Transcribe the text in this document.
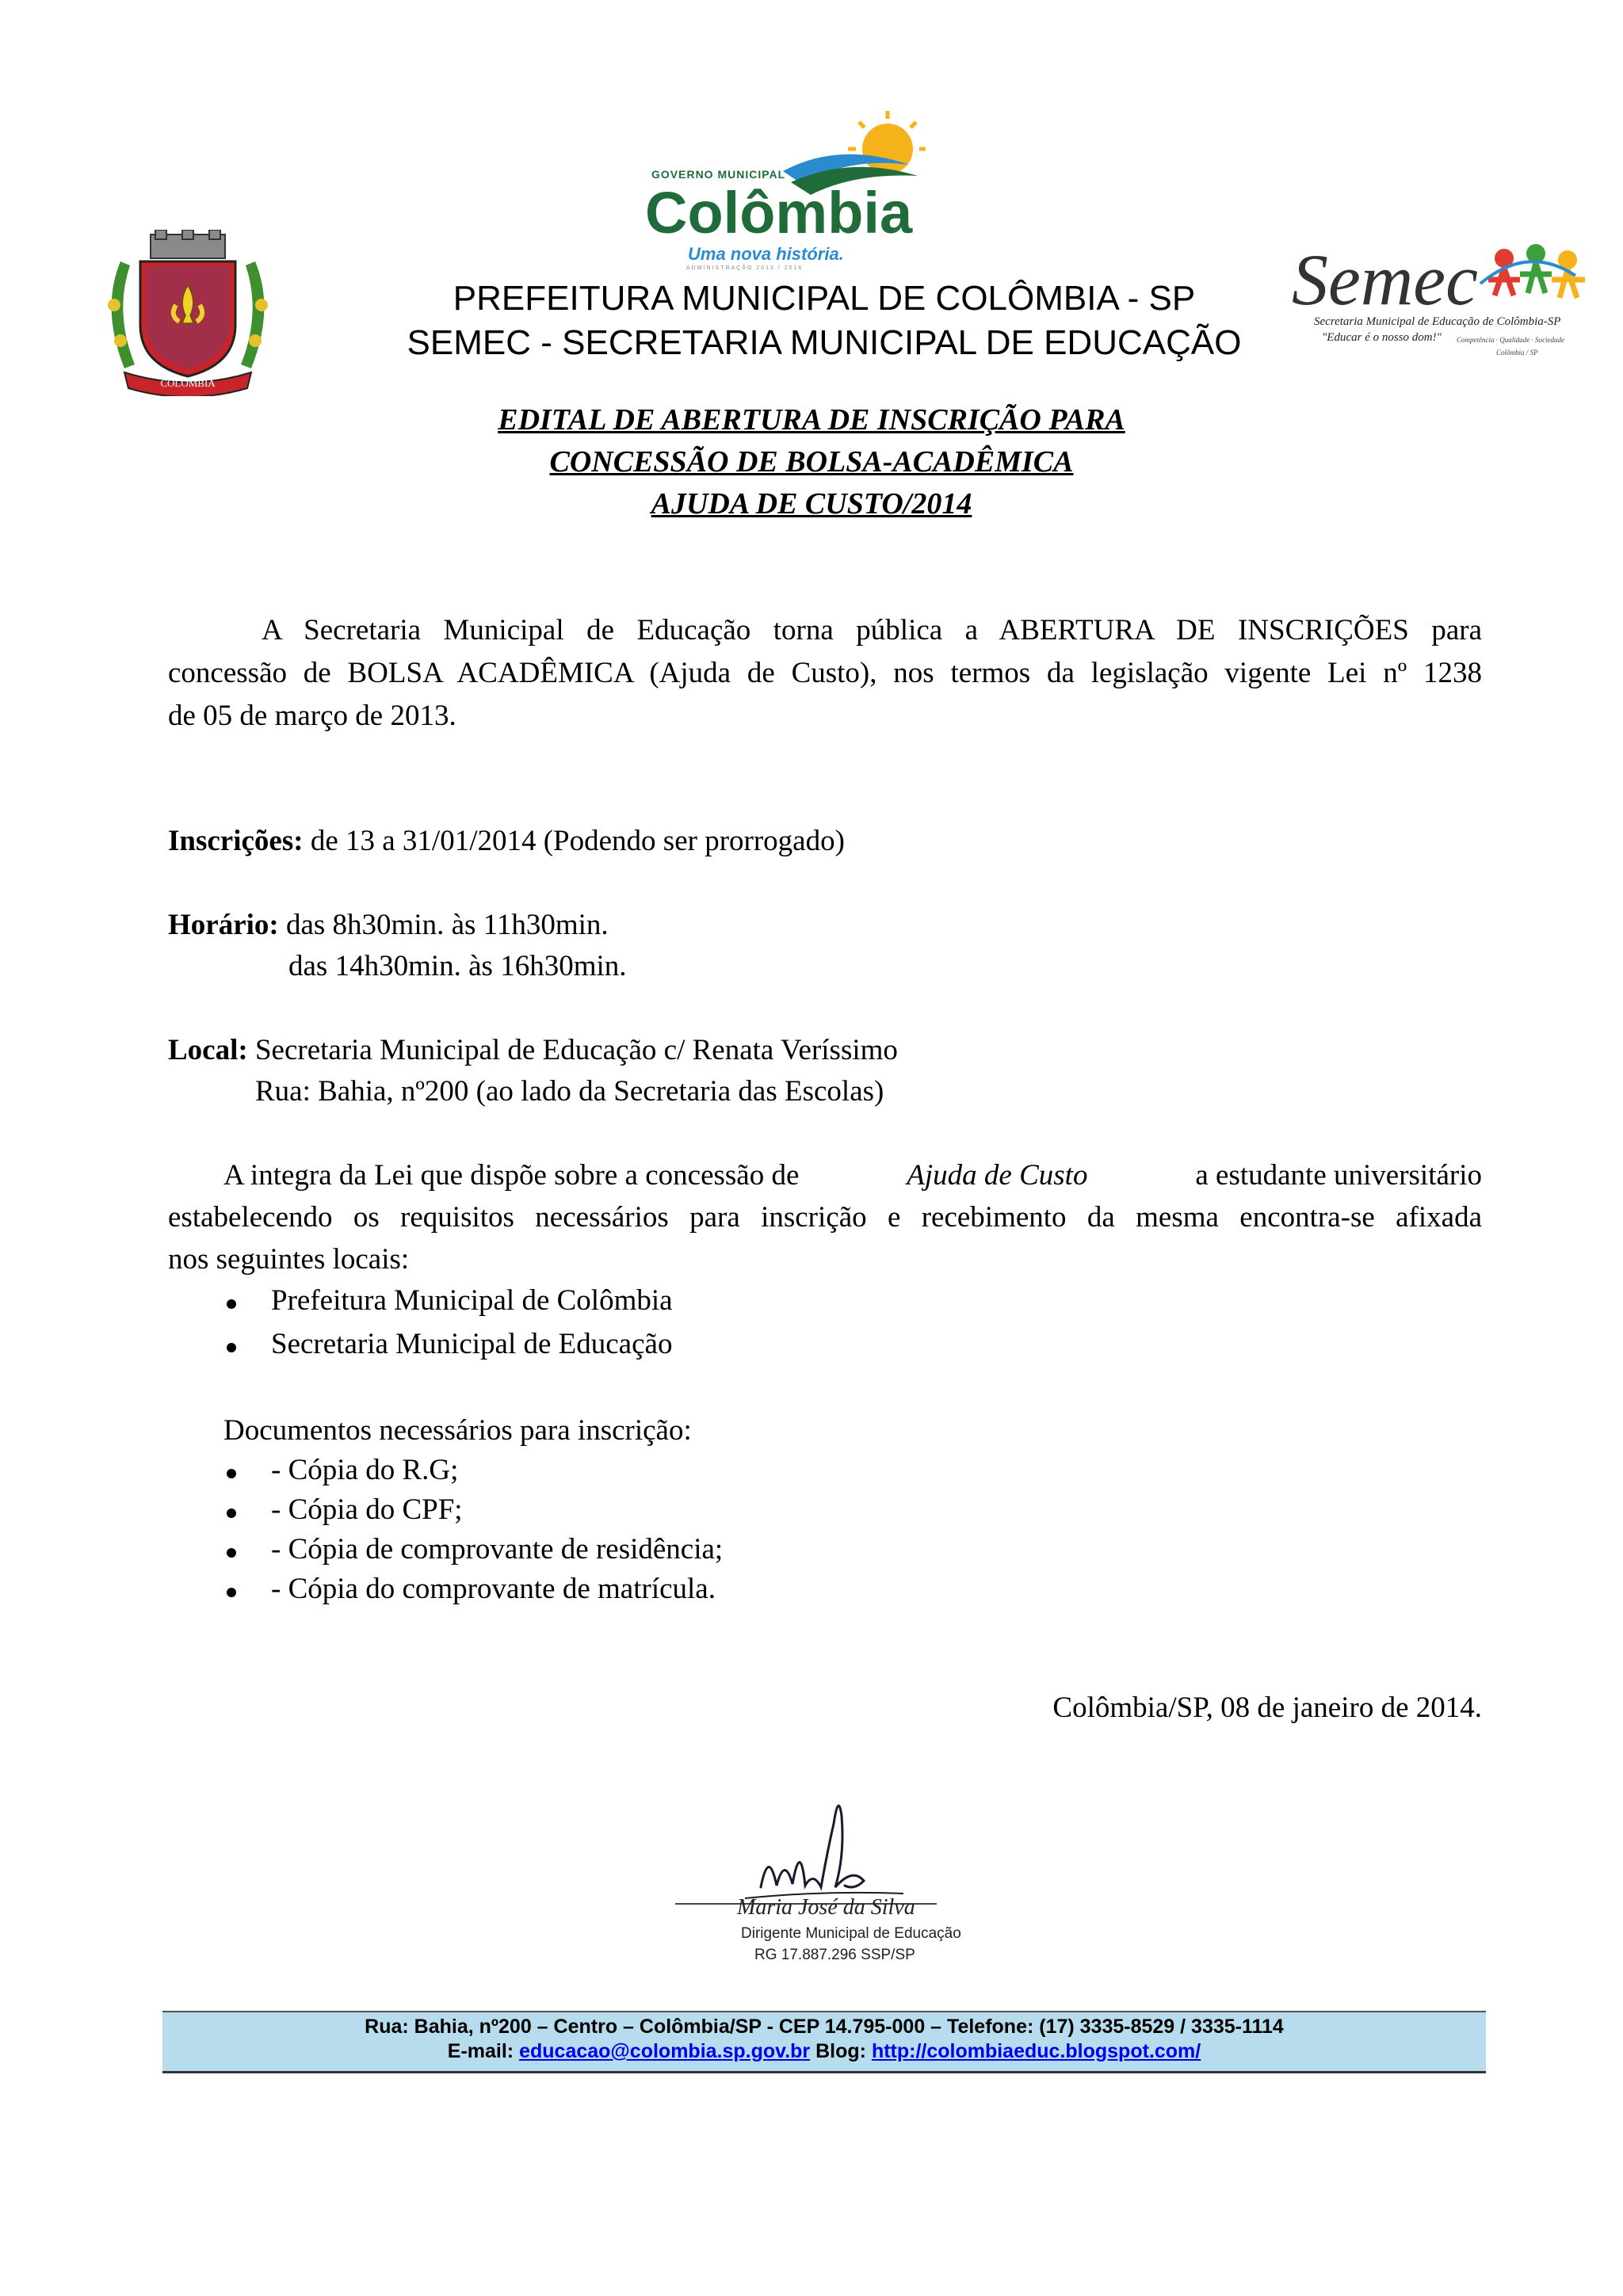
COLÔMBIA
GOVERNO MUNICIPAL
Colômbia
Uma nova história.
ADMINISTRAÇÃO 2013 / 2016
PREFEITURA MUNICIPAL DE COLÔMBIA - SP
SEMEC - SECRETARIA MUNICIPAL DE EDUCAÇÃO
Semec
Secretaria Municipal de Educação de Colômbia-SP
"Educar é o nosso dom!" Competência · Qualidade · Sociedade
Colômbia / SP
EDITAL DE ABERTURA DE INSCRIÇÃO PARA
CONCESSÃO DE BOLSA-ACADÊMICA
AJUDA DE CUSTO/2014
A Secretaria Municipal de Educação torna pública a ABERTURA DE INSCRIÇÕES para
concessão de BOLSA ACADÊMICA (Ajuda de Custo), nos termos da legislação vigente Lei nº 1238
de 05 de março de 2013.
Inscrições: de 13 a 31/01/2014 (Podendo ser prorrogado)
Horário: das 8h30min. às 11h30min.
das 14h30min. às 16h30min.
Local: Secretaria Municipal de Educação c/ Renata Veríssimo
Rua: Bahia, nº200 (ao lado da Secretaria das Escolas)
A integra da Lei que dispõe sobre a concessão de	Ajuda de Custo	a estudante universitário
estabelecendo os requisitos necessários para inscrição e recebimento da mesma encontra-se afixada
nos seguintes locais:
Prefeitura Municipal de Colômbia
Secretaria Municipal de Educação
Documentos necessários para inscrição:
- Cópia do R.G;
- Cópia do CPF;
- Cópia de comprovante de residência;
- Cópia do comprovante de matrícula.
Colômbia/SP, 08 de janeiro de 2014.
Maria José da Silva
Dirigente Municipal de Educação
RG 17.887.296 SSP/SP
Rua: Bahia, nº200 – Centro – Colômbia/SP - CEP 14.795-000 – Telefone: (17) 3335-8529 / 3335-1114
E-mail: educacao@colombia.sp.gov.br Blog: http://colombiaeduc.blogspot.com/
